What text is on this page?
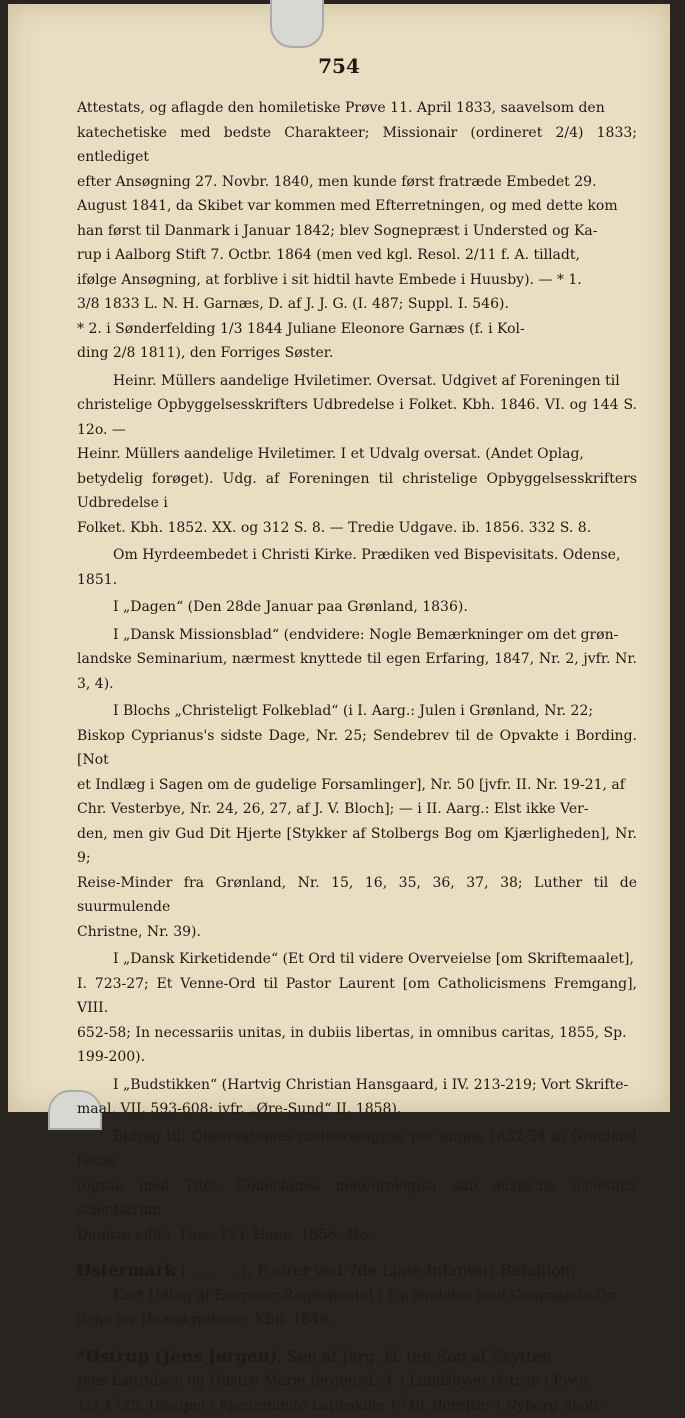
754

Attestats, og aflagde den homiletiske Prøve 11. April 1833, saavelsom den

katechetiske med bedste Charakteer; Missionair (ordineret 2/4) 1833; entlediget

efter Ansøgning 27. Novbr. 1840, men kunde først fratræde Embedet 29.

August 1841, da Skibet var kommen med Efterretningen, og med dette kom

han først til Danmark i Januar 1842; blev Sognepræst i Understed og Ka-

rup i Aalborg Stift 7. Octbr. 1864 (men ved kgl. Resol. 2/11 f. A. tilladt,

ifølge Ansøgning, at forblive i sit hidtil havte Embede i Huusby). — * 1.

3/8 1833 L. N. H. Garnæs, D. af J. J. G. (I. 487; Suppl. I. 546).

* 2. i Sønderfelding 1/3 1844 Juliane Eleonore Garnæs (f. i Kol-

ding 2/8 1811), den Forriges Søster.

Heinr. Müllers aandelige Hviletimer. Oversat. Udgivet af Foreningen til

christelige Opbyggelsesskrifters Udbredelse i Folket. Kbh. 1846. VI. og 144 S. 12o. —

Heinr. Müllers aandelige Hviletimer. I et Udvalg oversat. (Andet Oplag,

betydelig forøget). Udg. af Foreningen til christelige Opbyggelsesskrifters Udbredelse i

Folket. Kbh. 1852. XX. og 312 S. 8. — Tredie Udgave. ib. 1856. 332 S. 8.

Om Hyrdeembedet i Christi Kirke. Prædiken ved Bispevisitats. Odense,

1851.

I „Dagen“ (Den 28de Januar paa Grønland, 1836).

I „Dansk Missionsblad“ (endvidere: Nogle Bemærkninger om det grøn-

landske Seminarium, nærmest knyttede til egen Erfaring, 1847, Nr. 2, jvfr. Nr. 3, 4).

I Blochs „Christeligt Folkeblad“ (i I. Aarg.: Julen i Grønland, Nr. 22;

Biskop Cyprianus's sidste Dage, Nr. 25; Sendebrev til de Opvakte i Bording. [Not

et Indlæg i Sagen om de gudelige Forsamlinger], Nr. 50 [jvfr. II. Nr. 19-21, af

Chr. Vesterbye, Nr. 24, 26, 27, af J. V. Bloch]; — i II. Aarg.: Elst ikke Ver-

den, men giv Gud Dit Hjerte [Stykker af Stolbergs Bog om Kjærligheden], Nr. 9;

Reise-Minder fra Grønland, Nr. 15, 16, 35, 36, 37, 38; Luther til de suurmulende

Christne, Nr. 39).

I „Dansk Kirketidende“ (Et Ord til videre Overveielse [om Skriftemaalet],

I. 723-27; Et Venne-Ord til Pastor Laurent [om Catholicismens Fremgang], VIII.

652-58; In necessariis unitas, in dubiis libertas, in omnibus caritas, 1855, Sp.

199-200).

I „Budstikken“ (Hartvig Christian Hansgaard, i IV. 213-219; Vort Skrifte-

maal, VII. 593-608; jvfr. „Øre-Sund“ II. 1858).

Bidrag til: Observationes meteorologicæ per annos 1832-54 in Grönland factæ

(ogsaa med Titel: Collectanea meteorologica sub auspiciis societatis scientiarum

Danicæ edita. Fasc. IV.). Haun. 1856. 4to.

Østermark ( . . . . . ), Fourer ved 7de Linie-Infanteri-Bataillon.

Kort Udtog af Exerceer-Reglementet i Forbindelse med Commando-Or-

dene for Haandgrebene. Kbh. 1848.

*Østrup (Jens Jørgen), Søn af Jørg. Ø. (en Søn af Skytten

Jens Lauridsen og Hustru Marie Jørgensd.; f. i Landsbyen Østrup i Fyen

1/2 1725, Discipel i Kjerteminde Latinskole 1740, derefter i Nyborg Skole
